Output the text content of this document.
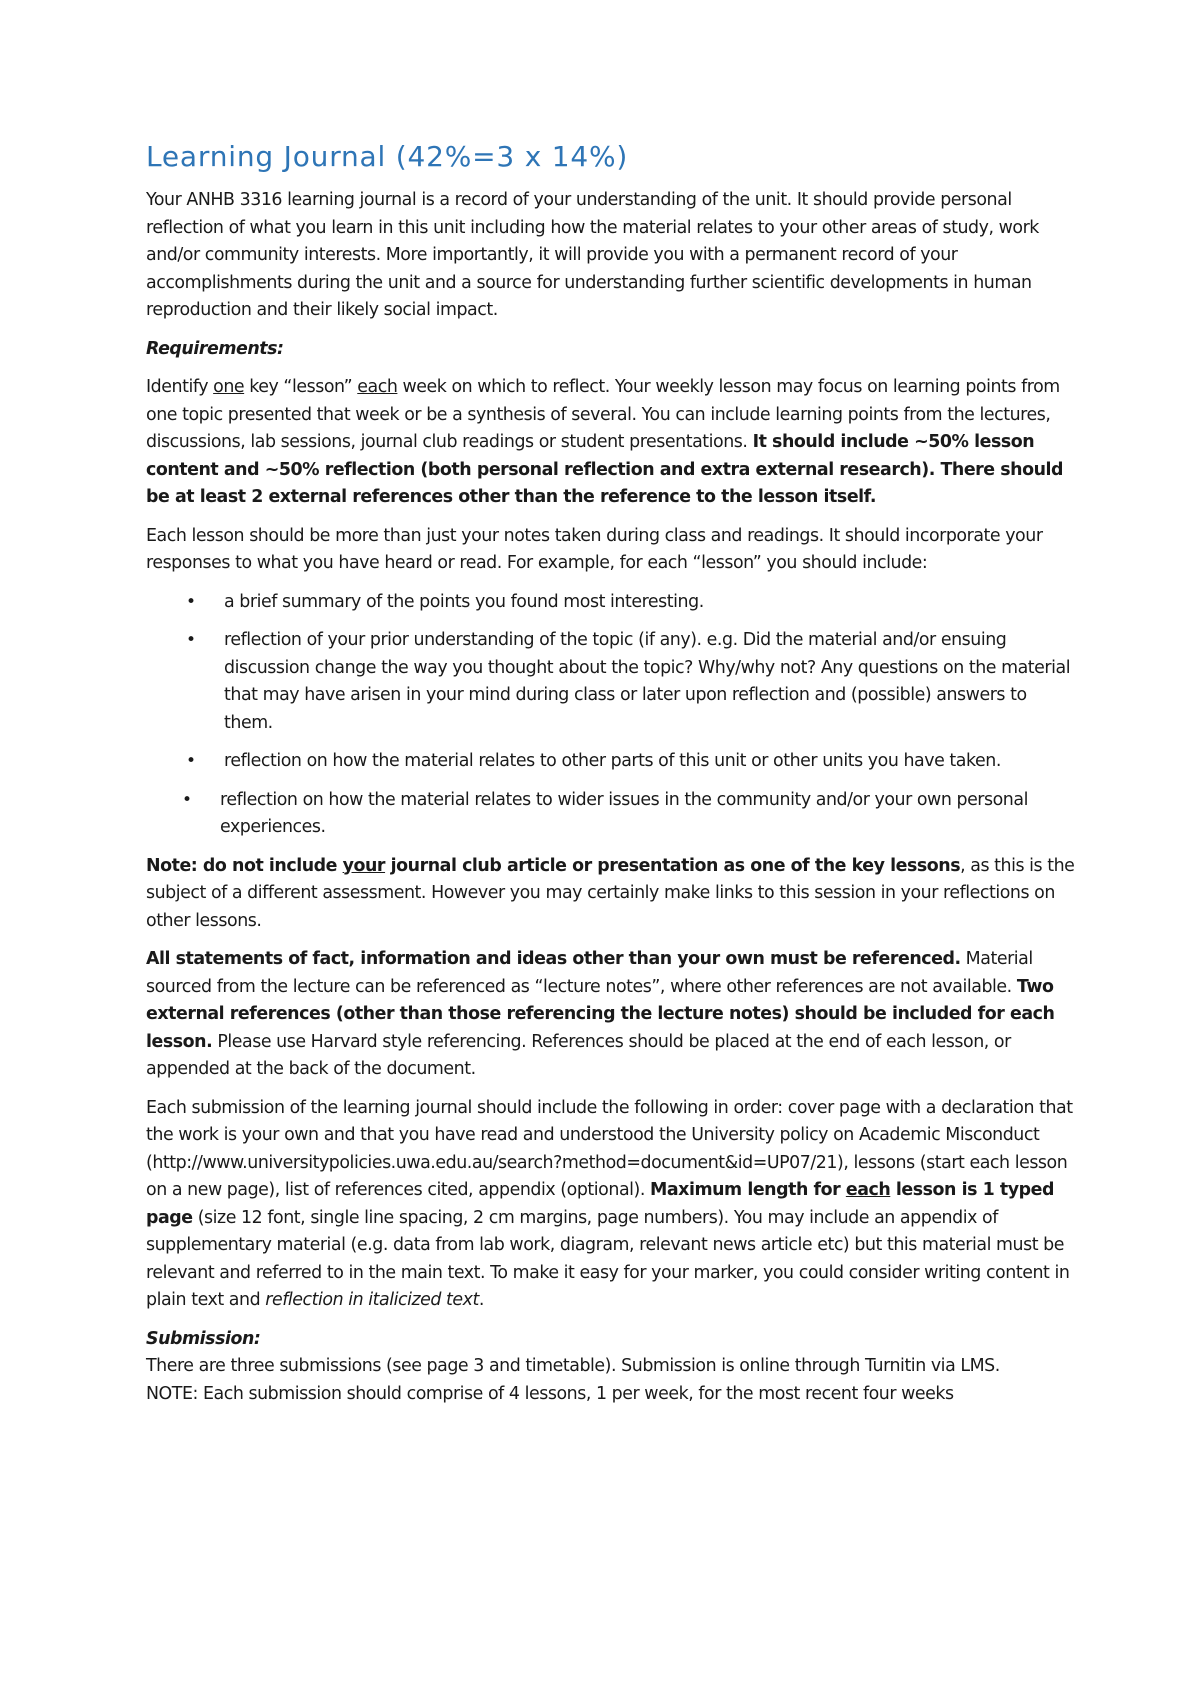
Learning Journal (42%=3 x 14%)

Your ANHB 3316 learning journal is a record of your understanding of the unit. It should provide personal reflection of what you learn in this unit including how the material relates to your other areas of study, work and/or community interests. More importantly, it will provide you with a permanent record of your accomplishments during the unit and a source for understanding further scientific developments in human reproduction and their likely social impact.

Requirements:

Identify one key “lesson” each week on which to reflect. Your weekly lesson may focus on learning points from one topic presented that week or be a synthesis of several. You can include learning points from the lectures, discussions, lab sessions, journal club readings or student presentations. It should include ~50% lesson content and ~50% reflection (both personal reflection and extra external research). There should be at least 2 external references other than the reference to the lesson itself.

Each lesson should be more than just your notes taken during class and readings. It should incorporate your responses to what you have heard or read. For example, for each “lesson” you should include:

• a brief summary of the points you found most interesting.
• reflection of your prior understanding of the topic (if any). e.g. Did the material and/or ensuing discussion change the way you thought about the topic? Why/why not? Any questions on the material that may have arisen in your mind during class or later upon reflection and (possible) answers to them.
• reflection on how the material relates to other parts of this unit or other units you have taken.
• reflection on how the material relates to wider issues in the community and/or your own personal experiences.

Note: do not include your journal club article or presentation as one of the key lessons, as this is the subject of a different assessment. However you may certainly make links to this session in your reflections on other lessons.

All statements of fact, information and ideas other than your own must be referenced. Material sourced from the lecture can be referenced as “lecture notes”, where other references are not available. Two external references (other than those referencing the lecture notes) should be included for each lesson. Please use Harvard style referencing. References should be placed at the end of each lesson, or appended at the back of the document.

Each submission of the learning journal should include the following in order: cover page with a declaration that the work is your own and that you have read and understood the University policy on Academic Misconduct (http://www.universitypolicies.uwa.edu.au/search?method=document&id=UP07/21), lessons (start each lesson on a new page), list of references cited, appendix (optional). Maximum length for each lesson is 1 typed page (size 12 font, single line spacing, 2 cm margins, page numbers). You may include an appendix of supplementary material (e.g. data from lab work, diagram, relevant news article etc) but this material must be relevant and referred to in the main text. To make it easy for your marker, you could consider writing content in plain text and reflection in italicized text.

Submission:

There are three submissions (see page 3 and timetable). Submission is online through Turnitin via LMS.

NOTE: Each submission should comprise of 4 lessons, 1 per week, for the most recent four weeks
